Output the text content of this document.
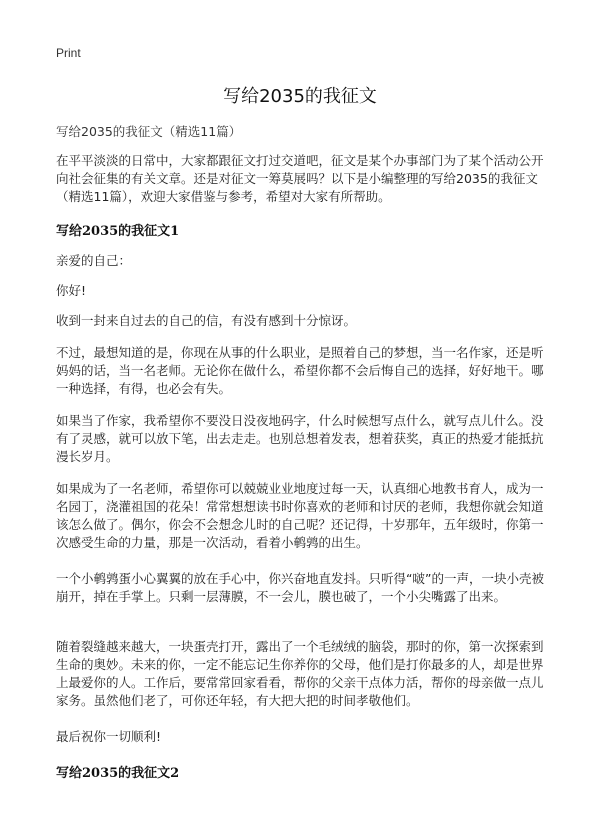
Print
写给2035的我征文
写给2035的我征文（精选11篇）

在平平淡淡的日常中，大家都跟征文打过交道吧，征文是某个办事部门为了某个活动公开向社会征集的有关文章。还是对征文一筹莫展吗？以下是小编整理的写给2035的我征文（精选11篇），欢迎大家借鉴与参考，希望对大家有所帮助。

写给2035的我征文1

亲爱的自己：

你好!

收到一封来自过去的自己的信，有没有感到十分惊讶。

不过，最想知道的是，你现在从事的什么职业，是照着自己的梦想，当一名作家，还是听妈妈的话，当一名老师。无论你在做什么，希望你都不会后悔自己的选择，好好地干。哪一种选择，有得，也必会有失。

如果当了作家，我希望你不要没日没夜地码字，什么时候想写点什么，就写点儿什么。没有了灵感，就可以放下笔，出去走走。也别总想着发表，想着获奖，真正的热爱才能抵抗漫长岁月。

如果成为了一名老师，希望你可以兢兢业业地度过每一天，认真细心地教书育人，成为一名园丁，浇灌祖国的花朵！常常想想读书时你喜欢的老师和讨厌的老师，我想你就会知道该怎么做了。偶尔，你会不会想念儿时的自己呢？还记得，十岁那年，五年级时，你第一次感受生命的力量，那是一次活动，看着小鹌鹑的出生。

一个小鹌鹑蛋小心翼翼的放在手心中，你兴奋地直发抖。只听得“啵”的一声，一块小壳被崩开，掉在手掌上。只剩一层薄膜，不一会儿，膜也破了，一个小尖嘴露了出来。

随着裂缝越来越大，一块蛋壳打开，露出了一个毛绒绒的脑袋，那时的你，第一次探索到生命的奥妙。未来的你，一定不能忘记生你养你的父母，他们是打你最多的人，却是世界上最爱你的人。工作后，要常常回家看看，帮你的父亲干点体力活，帮你的母亲做一点儿家务。虽然他们老了，可你还年轻，有大把大把的时间孝敬他们。

最后祝你一切顺利!

写给2035的我征文2
